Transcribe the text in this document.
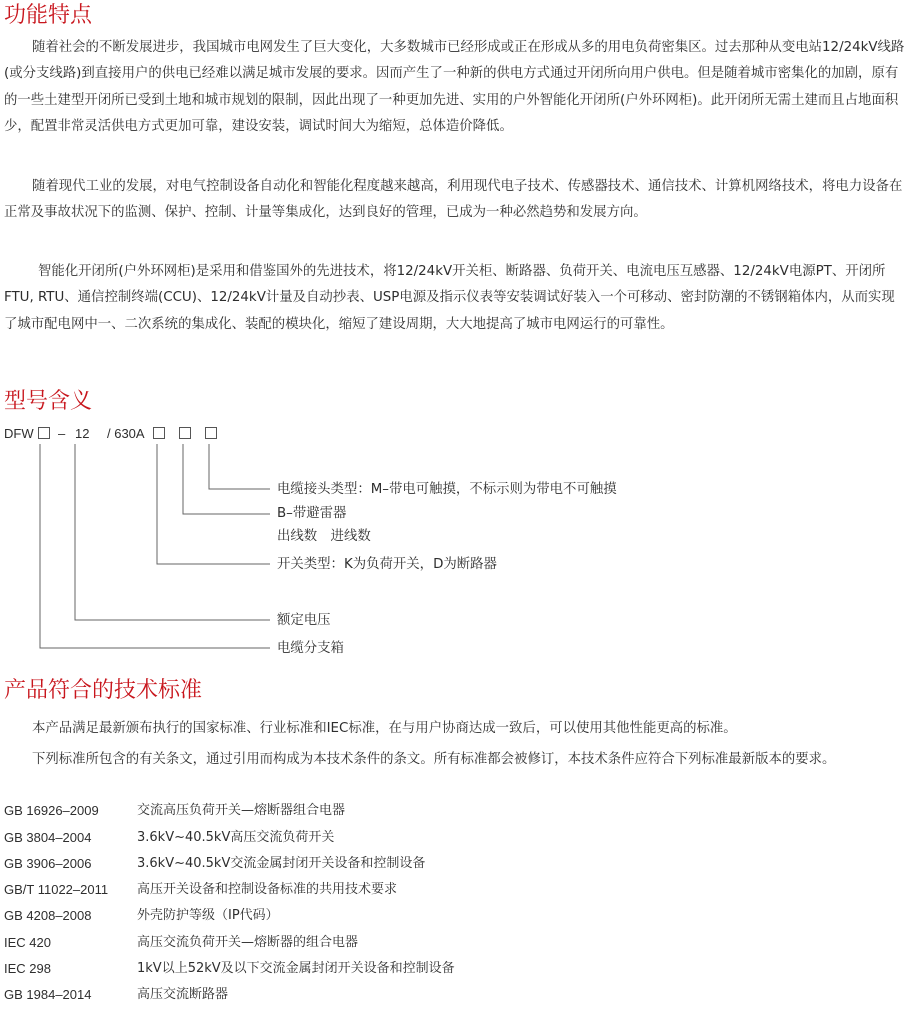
功能特点

随着社会的不断发展进步，我国城市电网发生了巨大变化，大多数城市已经形成或正在形成从多的用电负荷密集区。过去那种从变电站12/24kV线路(或分支线路)到直接用户的供电已经难以满足城市发展的要求。因而产生了一种新的供电方式通过开闭所向用户供电。但是随着城市密集化的加剧，原有的一些土建型开闭所已受到土地和城市规划的限制，因此出现了一种更加先进、实用的户外智能化开闭所(户外环网柜)。此开闭所无需土建而且占地面积少，配置非常灵活供电方式更加可靠，建设安装，调试时间大为缩短，总体造价降低。

随着现代工业的发展，对电气控制设备自动化和智能化程度越来越高，利用现代电子技术、传感器技术、通信技术、计算机网络技术，将电力设备在正常及事故状况下的监测、保护、控制、计量等集成化，达到良好的管理，已成为一种必然趋势和发展方向。

智能化开闭所(户外环网柜)是采用和借鉴国外的先进技术，将12/24kV开关柜、断路器、负荷开关、电流电压互感器、12/24kV电源PT、开闭所FTU, RTU、通信控制终端(CCU)、12/24kV计量及自动抄表、USP电源及指示仪表等安装调试好装入一个可移动、密封防潮的不锈钢箱体内，从而实现了城市配电网中一、二次系统的集成化、装配的模块化，缩短了建设周期，大大地提高了城市电网运行的可靠性。

型号含义
DFW – 12 / 630A

电缆接头类型：M–带电可触摸，不标示则为带电不可触摸

B–带避雷器

出线数　进线数

开关类型：K为负荷开关，D为断路器

额定电压

电缆分支箱

产品符合的技术标准

本产品满足最新颁布执行的国家标准、行业标准和IEC标准，在与用户协商达成一致后，可以使用其他性能更高的标准。

下列标准所包含的有关条文，通过引用而构成为本技术条件的条文。所有标准都会被修订，本技术条件应符合下列标准最新版本的要求。

GB 16926–2009	交流高压负荷开关—熔断器组合电器
GB 3804–2004	3.6kV~40.5kV高压交流负荷开关
GB 3906–2006	3.6kV~40.5kV交流金属封闭开关设备和控制设备
GB/T 11022–2011 高压开关设备和控制设备标准的共用技术要求
GB 4208–2008	外壳防护等级（IP代码）
IEC 420	高压交流负荷开关—熔断器的组合电器
IEC 298	1kV以上52kV及以下交流金属封闭开关设备和控制设备
GB 1984–2014	高压交流断路器
